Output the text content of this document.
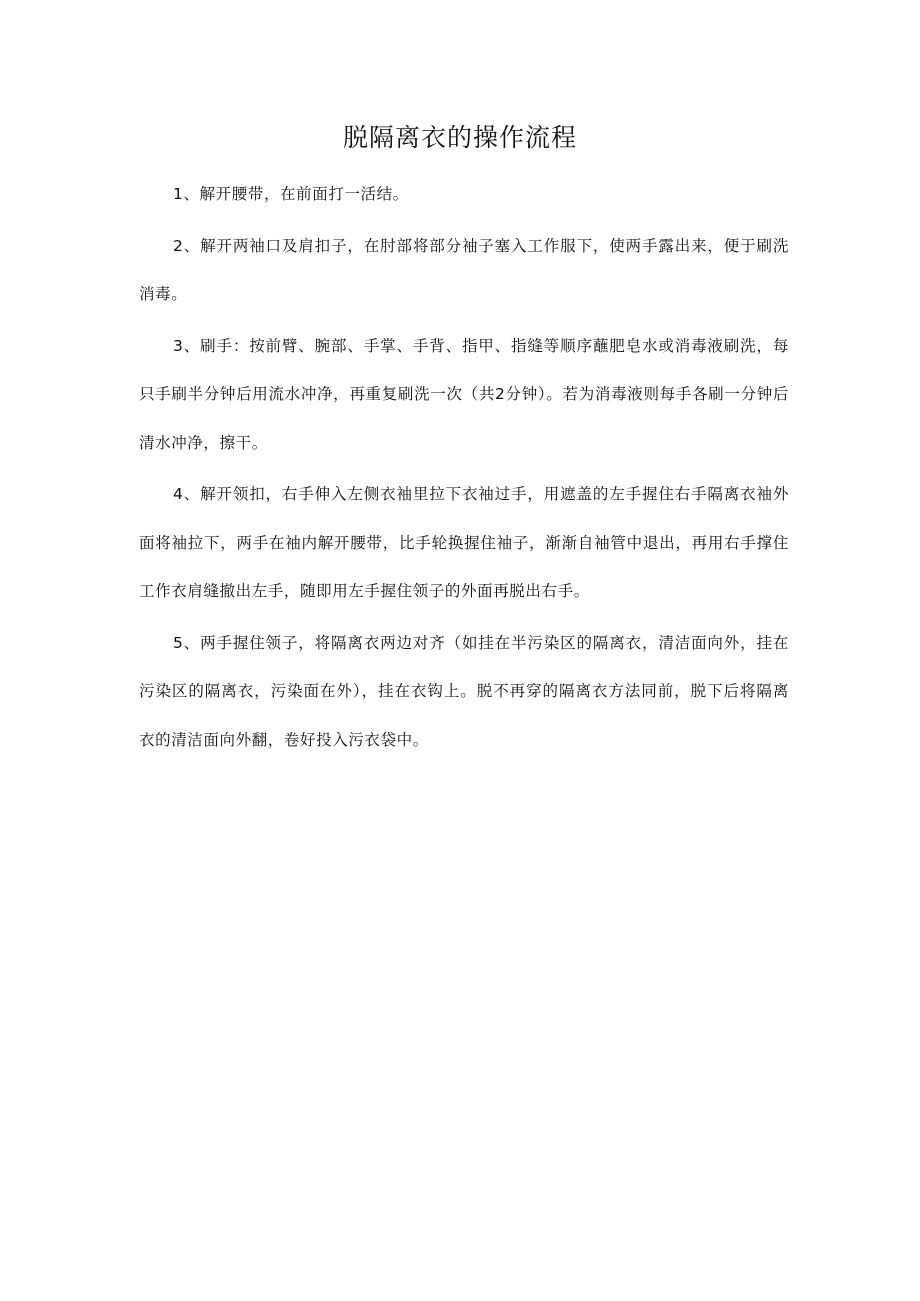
脱隔离衣的操作流程

1、解开腰带，在前面打一活结。

2、解开两袖口及肩扣子，在肘部将部分袖子塞入工作服下，使两手露出来，便于刷洗消毒。

3、刷手：按前臂、腕部、手掌、手背、指甲、指缝等顺序蘸肥皂水或消毒液刷洗，每只手刷半分钟后用流水冲净，再重复刷洗一次（共2分钟）。若为消毒液则每手各刷一分钟后清水冲净，擦干。

4、解开领扣，右手伸入左侧衣袖里拉下衣袖过手，用遮盖的左手握住右手隔离衣袖外面将袖拉下，两手在袖内解开腰带，比手轮换握住袖子，渐渐自袖管中退出，再用右手撑住工作衣肩缝撤出左手，随即用左手握住领子的外面再脱出右手。

5、两手握住领子，将隔离衣两边对齐（如挂在半污染区的隔离衣，清洁面向外，挂在污染区的隔离衣，污染面在外），挂在衣钩上。脱不再穿的隔离衣方法同前，脱下后将隔离衣的清洁面向外翻，卷好投入污衣袋中。
